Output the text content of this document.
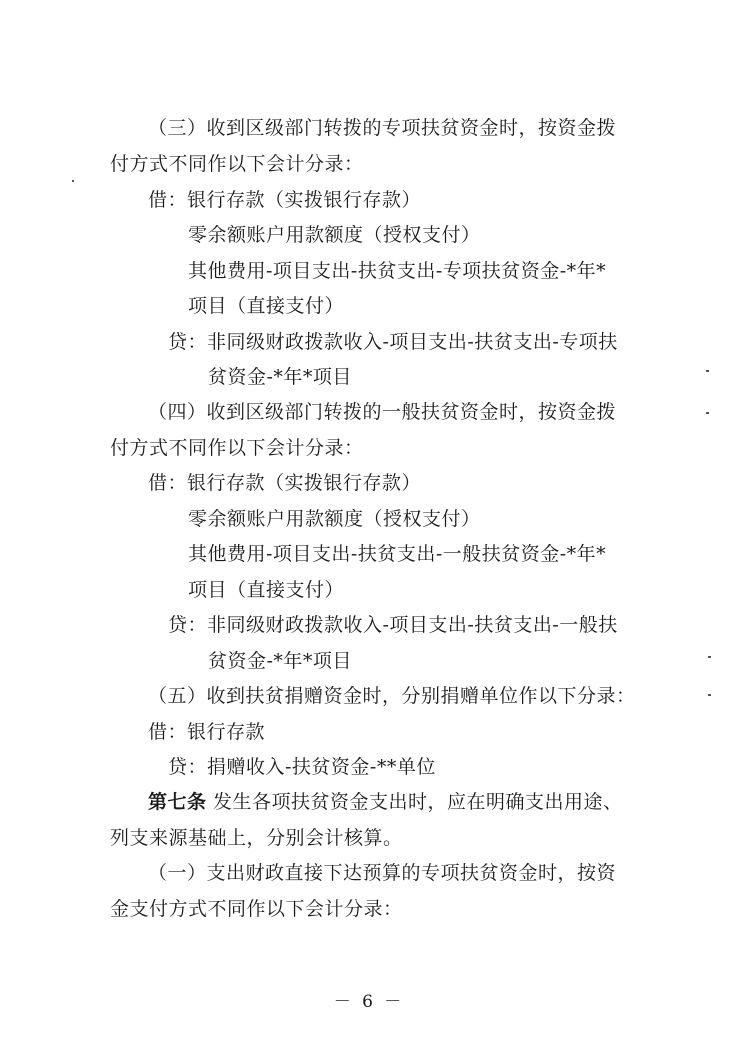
（三）收到区级部门转拨的专项扶贫资金时，按资金拨
付方式不同作以下会计分录：
借：银行存款（实拨银行存款）
零余额账户用款额度（授权支付）
其他费用-项目支出-扶贫支出-专项扶贫资金-*年*
项目（直接支付）
贷：非同级财政拨款收入-项目支出-扶贫支出-专项扶
贫资金-*年*项目
（四）收到区级部门转拨的一般扶贫资金时，按资金拨
付方式不同作以下会计分录：
借：银行存款（实拨银行存款）
零余额账户用款额度（授权支付）
其他费用-项目支出-扶贫支出-一般扶贫资金-*年*
项目（直接支付）
贷：非同级财政拨款收入-项目支出-扶贫支出-一般扶
贫资金-*年*项目
（五）收到扶贫捐赠资金时，分别捐赠单位作以下分录：
借：银行存款
贷：捐赠收入-扶贫资金-**单位
第七条 发生各项扶贫资金支出时，应在明确支出用途、
列支来源基础上，分别会计核算。
（一）支出财政直接下达预算的专项扶贫资金时，按资
金支付方式不同作以下会计分录：
－ 6 －
